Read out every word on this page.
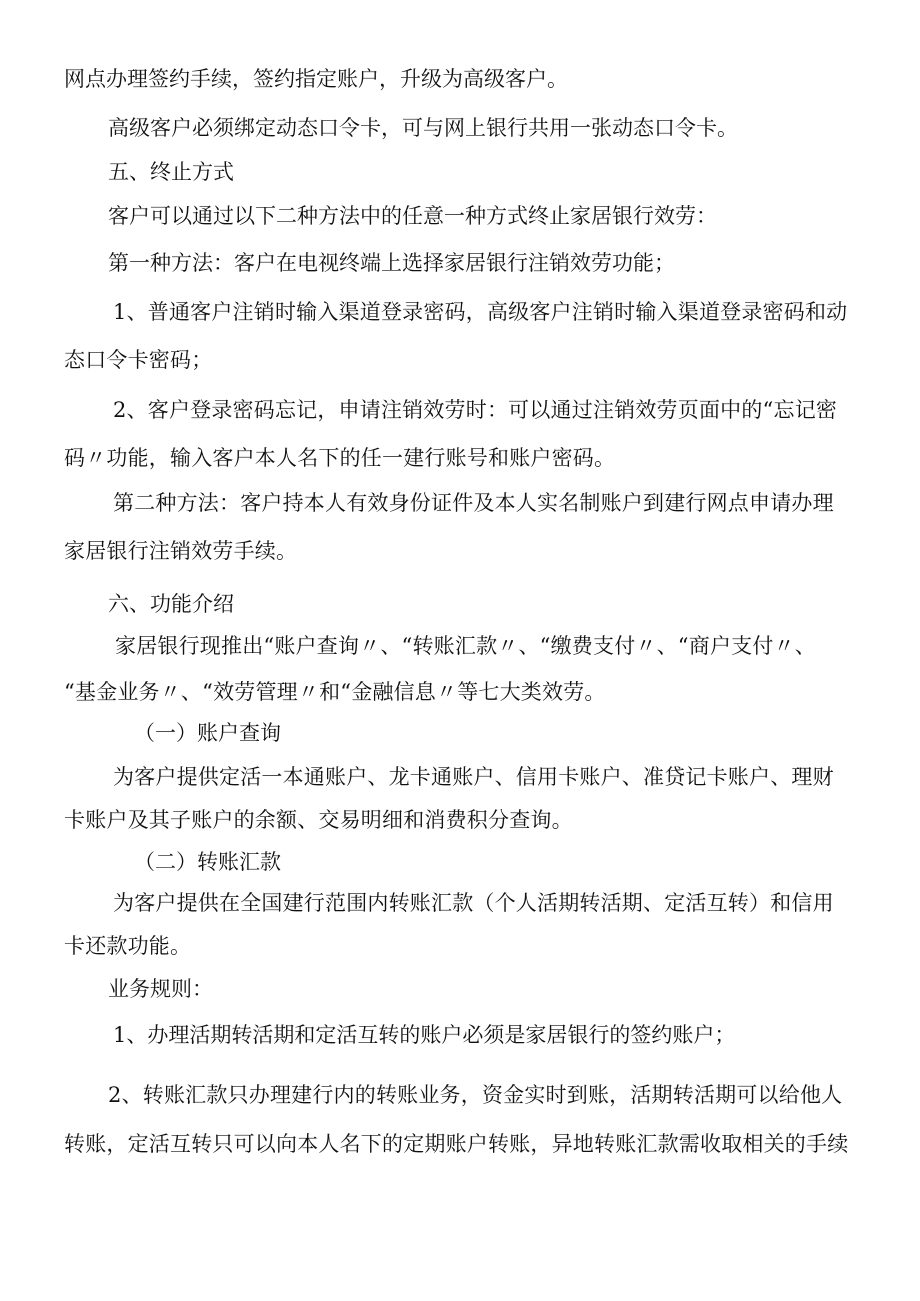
网点办理签约手续，签约指定账户，升级为高级客户。
高级客户必须绑定动态口令卡，可与网上银行共用一张动态口令卡。
五、终止方式
客户可以通过以下二种方法中的任意一种方式终止家居银行效劳：
第一种方法：客户在电视终端上选择家居银行注销效劳功能；
1、普通客户注销时输入渠道登录密码，高级客户注销时输入渠道登录密码和动
态口令卡密码；
2、客户登录密码忘记，申请注销效劳时：可以通过注销效劳页面中的“忘记密
码〃功能，输入客户本人名下的任一建行账号和账户密码。
第二种方法：客户持本人有效身份证件及本人实名制账户到建行网点申请办理
家居银行注销效劳手续。
六、功能介绍
家居银行现推出“账户查询〃、“转账汇款〃、“缴费支付〃、“商户支付〃、
“基金业务〃、“效劳管理〃和“金融信息〃等七大类效劳。
（一）账户查询
为客户提供定活一本通账户、龙卡通账户、信用卡账户、准贷记卡账户、理财
卡账户及其子账户的余额、交易明细和消费积分查询。
（二）转账汇款
为客户提供在全国建行范围内转账汇款（个人活期转活期、定活互转）和信用
卡还款功能。
业务规则：
1、办理活期转活期和定活互转的账户必须是家居银行的签约账户；
2、转账汇款只办理建行内的转账业务，资金实时到账，活期转活期可以给他人
转账，定活互转只可以向本人名下的定期账户转账，异地转账汇款需收取相关的手续
